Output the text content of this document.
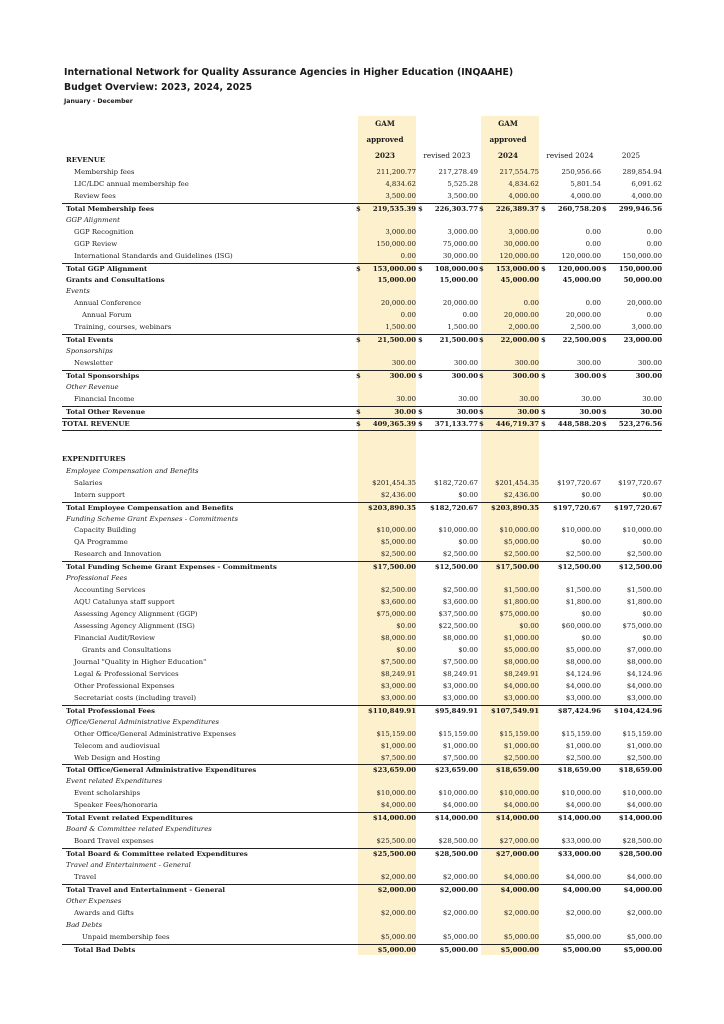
International Network for Quality Assurance Agencies in Higher Education (INQAAHE)
Budget Overview: 2023, 2024, 2025
January - December
GAM
approved
2023	revised 2023
GAM
approved
2024	revised 2024	2025
REVENUE
Membership fees	211,200.77	217,278.49	217,554.75	250,956.66	289,854.94
LIC/LDC annual membership fee	4,834.62	5,525.28	4,834.62	5,801.54	6,091.62
Review fees	3,500.00	3,500.00	4,000.00	4,000.00	4,000.00
Total Membership fees	$ 219,535.39 $ 226,303.77 $ 226,389.37 $ 260,758.20 $ 299,946.56
GGP Alignment
GGP Recognition	3,000.00	3,000.00	3,000.00	0.00	0.00
GGP Review	150,000.00	75,000.00	30,000.00	0.00	0.00
International Standards and Guidelines (ISG)	0.00	30,000.00	120,000.00	120,000.00	150,000.00
Total GGP Alignment	$ 153,000.00 $ 108,000.00 $ 153,000.00 $ 120,000.00 $ 150,000.00
Grants and Consultations	15,000.00	15,000.00	45,000.00	45,000.00	50,000.00
Events
Annual Conference	20,000.00	20,000.00	0.00	0.00	20,000.00
Annual Forum	0.00	0.00	20,000.00	20,000.00	0.00
Training, courses, webinars	1,500.00	1,500.00	2,000.00	2,500.00	3,000.00
Total Events	$ 21,500.00 $ 21,500.00 $ 22,000.00 $ 22,500.00 $ 23,000.00
Sponsorships
Newsletter	300.00	300.00	300.00	300.00	300.00
Total Sponsorships	$	300.00 $	300.00 $	300.00 $	300.00 $	300.00
Other Revenue
Financial Income	30.00	30.00	30.00	30.00	30.00
Total Other Revenue	$	30.00 $	30.00 $	30.00 $	30.00 $	30.00
TOTAL REVENUE	$ 409,365.39 $ 371,133.77 $ 446,719.37 $ 448,588.20 $ 523,276.56
EXPENDITURES
Employee Compensation and Benefits
Salaries	$201,454.35	$182,720.67	$201,454.35	$197,720.67	$197,720.67
Intern support	$2,436.00	$0.00	$2,436.00	$0.00	$0.00
Total Employee Compensation and Benefits	$203,890.35	$182,720.67	$203,890.35	$197,720.67	$197,720.67
Funding Scheme Grant Expenses - Commitments
Capacity Building	$10,000.00	$10,000.00	$10,000.00	$10,000.00	$10,000.00
QA Programme	$5,000.00	$0.00	$5,000.00	$0.00	$0.00
Research and Innovation	$2,500.00	$2,500.00	$2,500.00	$2,500.00	$2,500.00
Total Funding Scheme Grant Expenses - Commitments	$17,500.00	$12,500.00	$17,500.00	$12,500.00	$12,500.00
Professional Fees
Accounting Services	$2,500.00	$2,500.00	$1,500.00	$1,500.00	$1,500.00
AQU Catalunya staff support	$3,600.00	$3,600.00	$1,800.00	$1,800.00	$1,800.00
Assessing Agency Alignment (GGP)	$75,000.00	$37,500.00	$75,000.00	$0.00	$0.00
Assessing Agency Alignment (ISG)	$0.00	$22,500.00	$0.00	$60,000.00	$75,000.00
Financial Audit/Review	$8,000.00	$8,000.00	$1,000.00	$0.00	$0.00
Grants and Consultations	$0.00	$0.00	$5,000.00	$5,000.00	$7,000.00
Journal "Quality in Higher Education"	$7,500.00	$7,500.00	$8,000.00	$8,000.00	$8,000.00
Legal & Professional Services	$8,249.91	$8,249.91	$8,249.91	$4,124.96	$4,124.96
Other Professional Expenses	$3,000.00	$3,000.00	$4,000.00	$4,000.00	$4,000.00
Secretariat costs (including travel)	$3,000.00	$3,000.00	$3,000.00	$3,000.00	$3,000.00
Total Professional Fees	$110,849.91	$95,849.91	$107,549.91	$87,424.96	$104,424.96
Office/General Administrative Expenditures
Other Office/General Administrative Expenses	$15,159.00	$15,159.00	$15,159.00	$15,159.00	$15,159.00
Telecom and audiovisual	$1,000.00	$1,000.00	$1,000.00	$1,000.00	$1,000.00
Web Design and Hosting	$7,500.00	$7,500.00	$2,500.00	$2,500.00	$2,500.00
Total Office/General Administrative Expenditures	$23,659.00	$23,659.00	$18,659.00	$18,659.00	$18,659.00
Event related Expenditures
Event scholarships	$10,000.00	$10,000.00	$10,000.00	$10,000.00	$10,000.00
Speaker Fees/honoraria	$4,000.00	$4,000.00	$4,000.00	$4,000.00	$4,000.00
Total Event related Expenditures	$14,000.00	$14,000.00	$14,000.00	$14,000.00	$14,000.00
Board & Committee related Expenditures
Board Travel expenses	$25,500.00	$28,500.00	$27,000.00	$33,000.00	$28,500.00
Total Board & Committee related Expenditures	$25,500.00	$28,500.00	$27,000.00	$33,000.00	$28,500.00
Travel and Entertainment - General
Travel	$2,000.00	$2,000.00	$4,000.00	$4,000.00	$4,000.00
Total Travel and Entertainment - General	$2,000.00	$2,000.00	$4,000.00	$4,000.00	$4,000.00
Other Expenses
Awards and Gifts	$2,000.00	$2,000.00	$2,000.00	$2,000.00	$2,000.00
Bad Debts
Unpaid membership fees	$5,000.00	$5,000.00	$5,000.00	$5,000.00	$5,000.00
Total Bad Debts	$5,000.00	$5,000.00	$5,000.00	$5,000.00	$5,000.00
